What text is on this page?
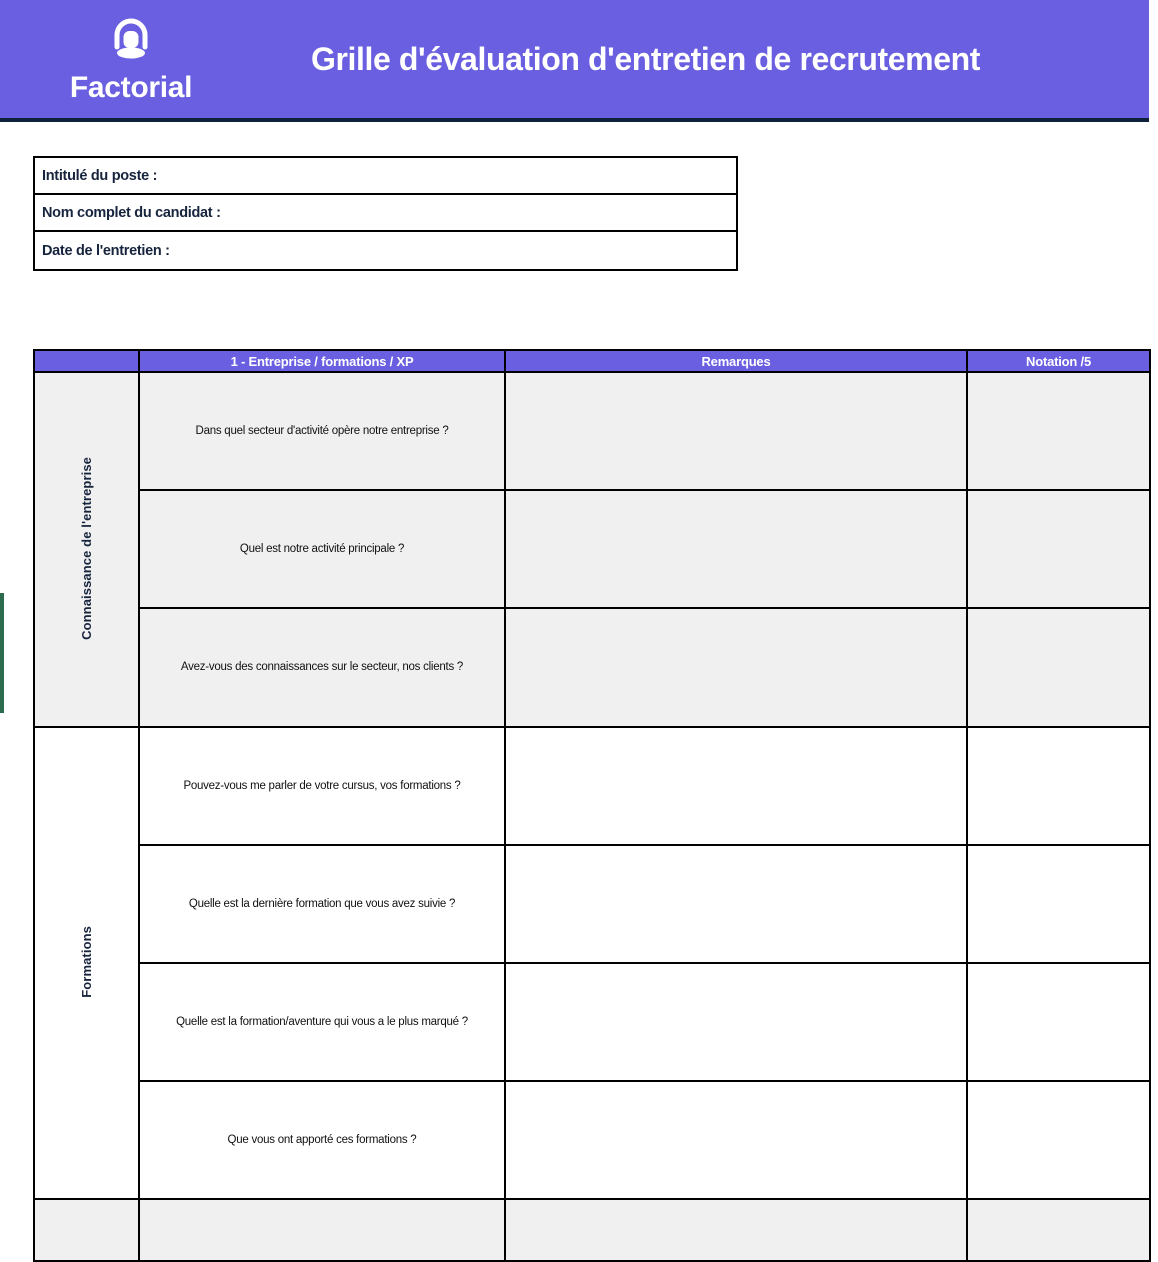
Factorial
Grille d'évaluation d'entretien de recrutement
Intitulé du poste :
Nom complet du candidat :
Date de l'entretien :
	1 - Entreprise / formations / XP	Remarques	Notation /5
Connaissance de l'entreprise	Dans quel secteur d'activité opère notre entreprise ?		
	Quel est notre activité principale ?		
	Avez-vous des connaissances sur le secteur, nos clients ?		
Formations	Pouvez-vous me parler de votre cursus, vos formations ?		
	Quelle est la dernière formation que vous avez suivie ?		
	Quelle est la formation/aventure qui vous a le plus marqué ?		
	Que vous ont apporté ces formations ?		
